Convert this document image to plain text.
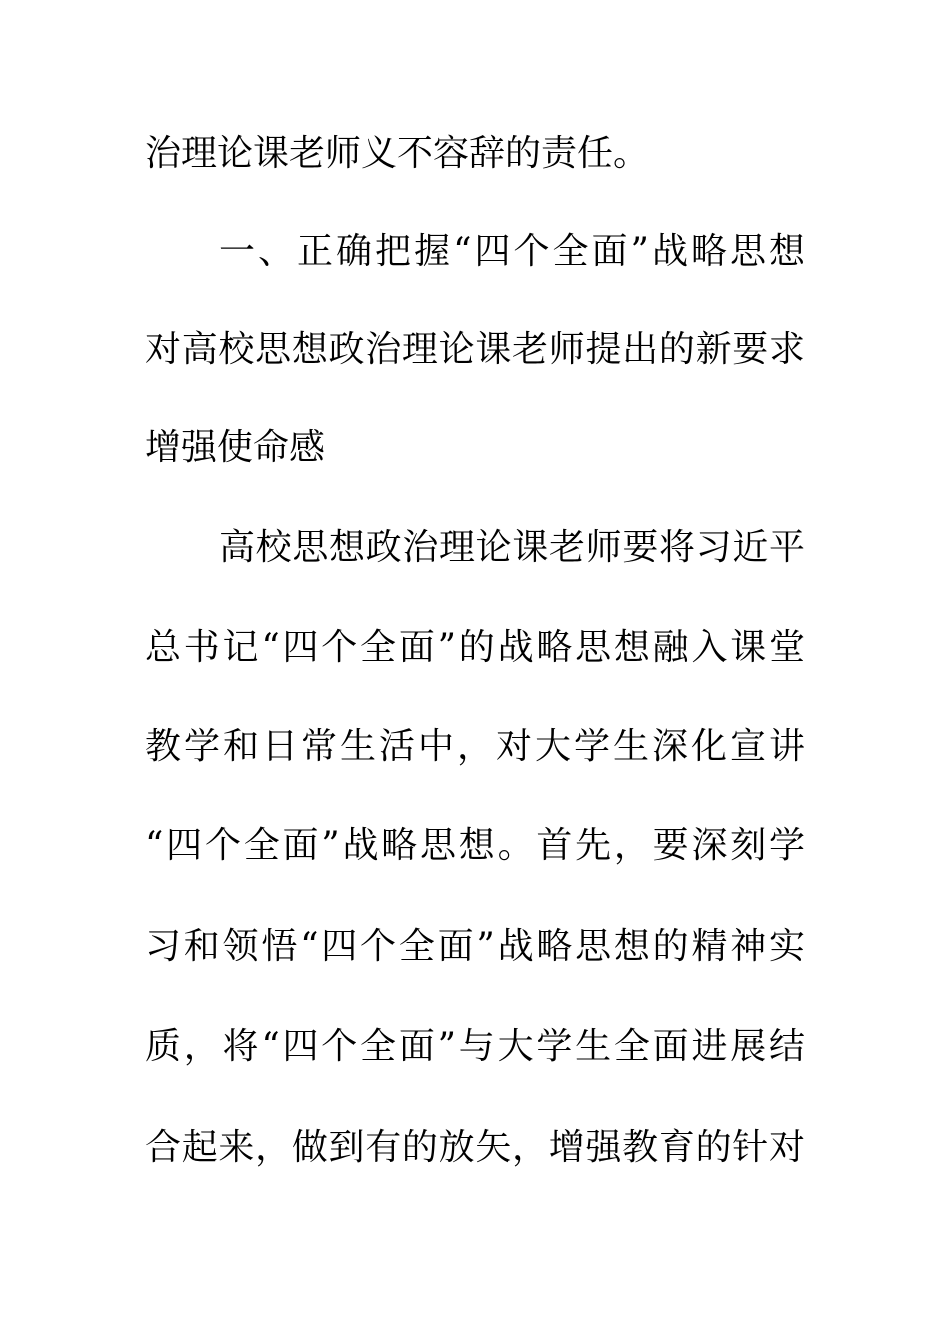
治理论课老师义不容辞的责任。
一、正确把握“四个全面”战略思想
对高校思想政治理论课老师提出的新要求
增强使命感
高校思想政治理论课老师要将习近平
总书记“四个全面”的战略思想融入课堂
教学和日常生活中，对大学生深化宣讲
“四个全面”战略思想。首先，要深刻学
习和领悟“四个全面”战略思想的精神实
质，将“四个全面”与大学生全面进展结
合起来，做到有的放矢，增强教育的针对
